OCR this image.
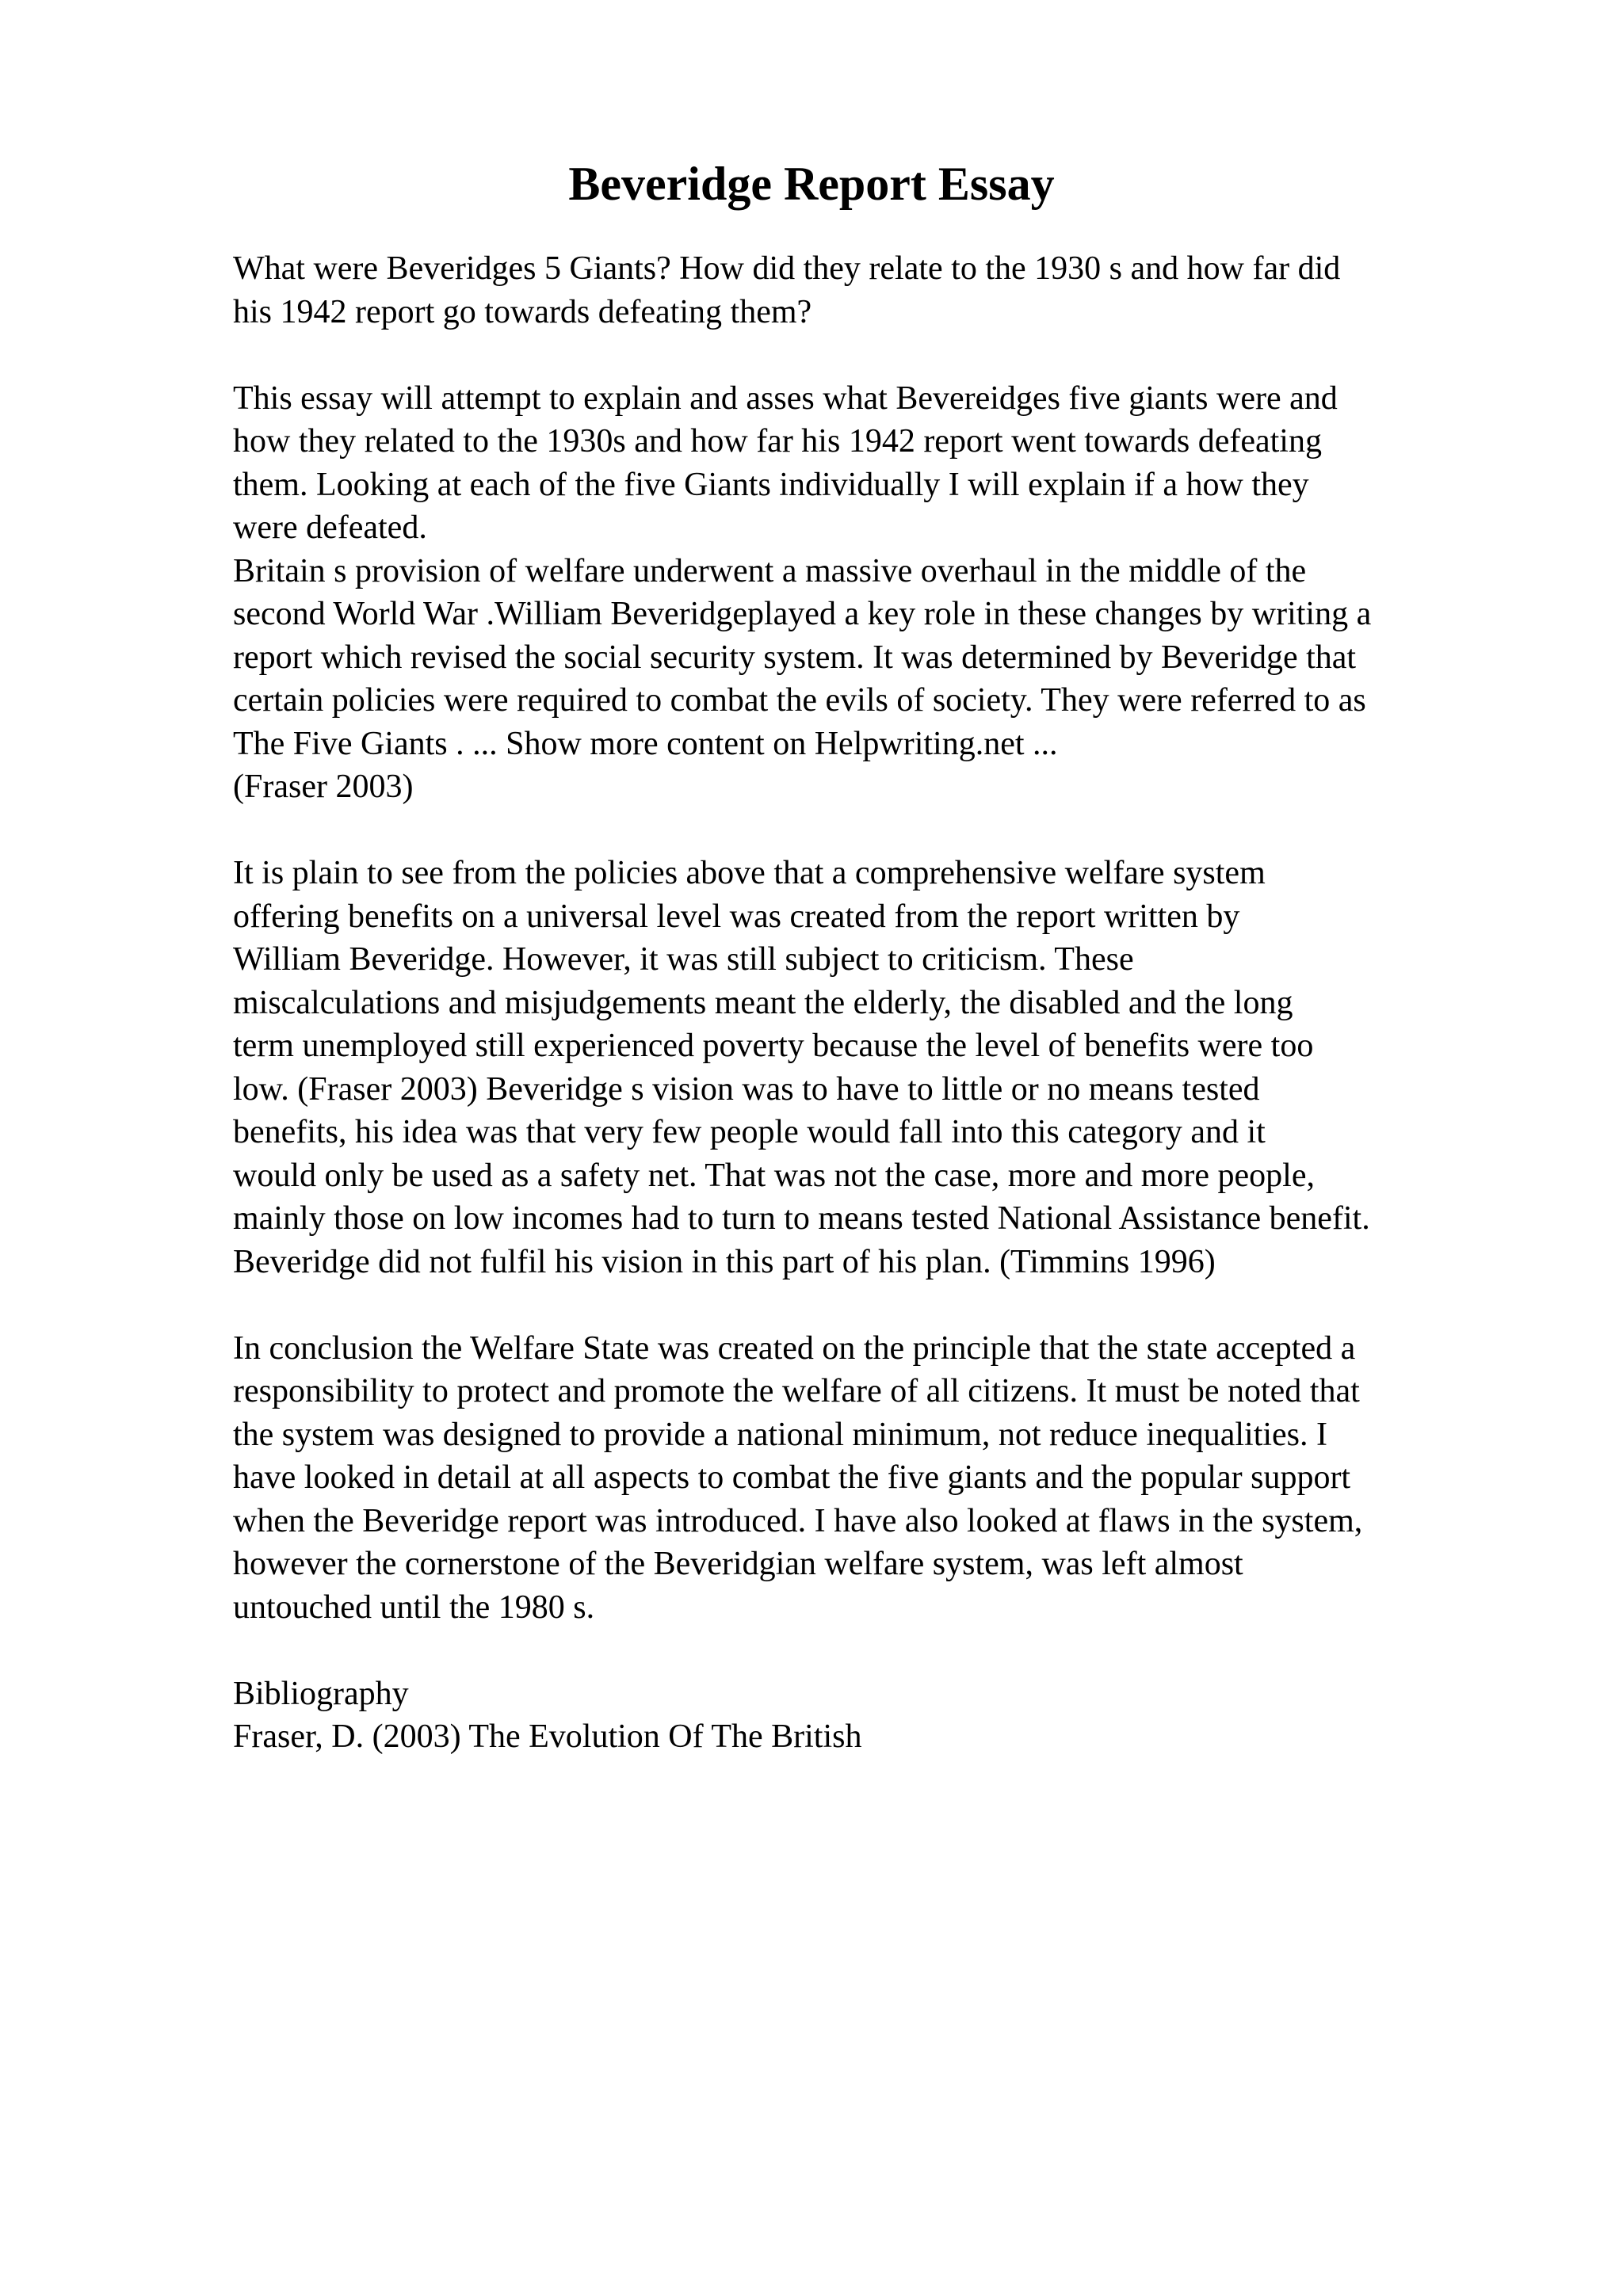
Beveridge Report Essay

What were Beveridges 5 Giants? How did they relate to the 1930 s and how far did
his 1942 report go towards defeating them?

This essay will attempt to explain and asses what Bevereidges five giants were and
how they related to the 1930s and how far his 1942 report went towards defeating
them. Looking at each of the five Giants individually I will explain if a how they
were defeated.
Britain s provision of welfare underwent a massive overhaul in the middle of the
second World War .William Beveridgeplayed a key role in these changes by writing a
report which revised the social security system. It was determined by Beveridge that
certain policies were required to combat the evils of society. They were referred to as
The Five Giants . ... Show more content on Helpwriting.net ...
(Fraser 2003)

It is plain to see from the policies above that a comprehensive welfare system
offering benefits on a universal level was created from the report written by
William Beveridge. However, it was still subject to criticism. These
miscalculations and misjudgements meant the elderly, the disabled and the long
term unemployed still experienced poverty because the level of benefits were too
low. (Fraser 2003) Beveridge s vision was to have to little or no means tested
benefits, his idea was that very few people would fall into this category and it
would only be used as a safety net. That was not the case, more and more people,
mainly those on low incomes had to turn to means tested National Assistance benefit.
Beveridge did not fulfil his vision in this part of his plan. (Timmins 1996)

In conclusion the Welfare State was created on the principle that the state accepted a
responsibility to protect and promote the welfare of all citizens. It must be noted that
the system was designed to provide a national minimum, not reduce inequalities. I
have looked in detail at all aspects to combat the five giants and the popular support
when the Beveridge report was introduced. I have also looked at flaws in the system,
however the cornerstone of the Beveridgian welfare system, was left almost
untouched until the 1980 s.

Bibliography
Fraser, D. (2003) The Evolution Of The British
